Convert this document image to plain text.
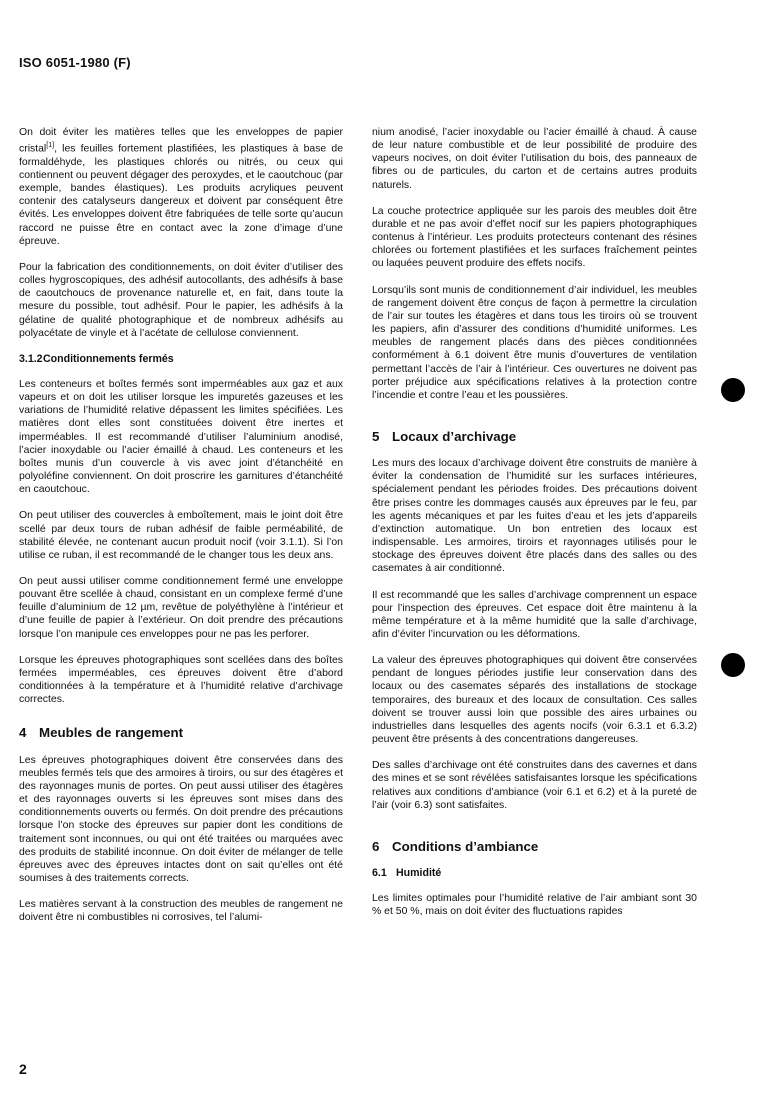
ISO 6051-1980 (F)

On doit éviter les matières telles que les enveloppes de papier cristal[1], les feuilles fortement plastifiées, les plastiques à base de formaldéhyde, les plastiques chlorés ou nitrés, ou ceux qui contiennent ou peuvent dégager des peroxydes, et le caoutchouc (par exemple, bandes élastiques). Les produits acryliques peuvent contenir des catalyseurs dangereux et doivent par conséquent être évités. Les enveloppes doivent être fabriquées de telle sorte qu’aucun raccord ne puisse être en contact avec la zone d’image d’une épreuve.

Pour la fabrication des conditionnements, on doit éviter d’utiliser des colles hygroscopiques, des adhésif autocollants, des adhésifs à base de caoutchoucs de provenance naturelle et, en fait, dans toute la mesure du possible, tout adhésif. Pour le papier, les adhésifs à la gélatine de qualité photographique et de nombreux adhésifs au polyacétate de vinyle et à l’acétate de cellulose conviennent.

3.1.2Conditionnements fermés

Les conteneurs et boîtes fermés sont imperméables aux gaz et aux vapeurs et on doit les utiliser lorsque les impuretés gazeuses et les variations de l’humidité relative dépassent les limites spécifiées. Les matières dont elles sont constituées doivent être inertes et imperméables. Il est recommandé d’utiliser l’aluminium anodisé, l’acier inoxydable ou l’acier émaillé à chaud. Les conteneurs et les boîtes munis d’un couvercle à vis avec joint d’étanchéité en polyoléfine conviennent. On doit proscrire les garnitures d’étanchéité en caoutchouc.

On peut utiliser des couvercles à emboîtement, mais le joint doit être scellé par deux tours de ruban adhésif de faible perméabilité, de stabilité élevée, ne contenant aucun produit nocif (voir 3.1.1). Si l’on utilise ce ruban, il est recommandé de le changer tous les deux ans.

On peut aussi utiliser comme conditionnement fermé une enveloppe pouvant être scellée à chaud, consistant en un complexe fermé d’une feuille d’aluminium de 12 µm, revêtue de polyéthylène à l’intérieur et d’une feuille de papier à l’extérieur. On doit prendre des précautions lorsque l’on manipule ces enveloppes pour ne pas les perforer.

Lorsque les épreuves photographiques sont scellées dans des boîtes fermées imperméables, ces épreuves doivent être d’abord conditionnées à la température et à l’humidité relative d’archivage correctes.

4 Meubles de rangement

Les épreuves photographiques doivent être conservées dans des meubles fermés tels que des armoires à tiroirs, ou sur des étagères et des rayonnages munis de portes. On peut aussi utiliser des étagères et des rayonnages ouverts si les épreuves sont mises dans des conditionnements ouverts ou fermés. On doit prendre des précautions lorsque l’on stocke des épreuves sur papier dont les conditions de traitement sont inconnues, ou qui ont été traitées ou marquées avec des produits de stabilité inconnue. On doit éviter de mélanger de telle épreuves avec des épreuves intactes dont on sait qu’elles ont été soumises à des traitements corrects.

Les matières servant à la construction des meubles de rangement ne doivent être ni combustibles ni corrosives, tel l’alumi-

nium anodisé, l’acier inoxydable ou l’acier émaillé à chaud. À cause de leur nature combustible et de leur possibilité de produire des vapeurs nocives, on doit éviter l’utilisation du bois, des panneaux de fibres ou de particules, du carton et de certains autres produits naturels.

La couche protectrice appliquée sur les parois des meubles doit être durable et ne pas avoir d’effet nocif sur les papiers photographiques contenus à l’intérieur. Les produits protecteurs contenant des résines chlorées ou fortement plastifiées et les surfaces fraîchement peintes ou laquées peuvent produire des effets nocifs.

Lorsqu’ils sont munis de conditionnement d’air individuel, les meubles de rangement doivent être conçus de façon à permettre la circulation de l’air sur toutes les étagères et dans tous les tiroirs où se trouvent les papiers, afin d’assurer des conditions d’humidité uniformes. Les meubles de rangement placés dans des pièces conditionnées conformément à 6.1 doivent être munis d’ouvertures de ventilation permettant l’accès de l’air à l’intérieur. Ces ouvertures ne doivent pas porter préjudice aux spécifications relatives à la protection contre l’incendie et contre l’eau et les poussières.

5 Locaux d’archivage

Les murs des locaux d’archivage doivent être construits de manière à éviter la condensation de l’humidité sur les surfaces intérieures, spécialement pendant les périodes froides. Des précautions doivent être prises contre les dommages causés aux épreuves par le feu, par les agents mécaniques et par les fuites d’eau et les jets d’appareils d’extinction automatique. Un bon entretien des locaux est indispensable. Les armoires, tiroirs et rayonnages utilisés pour le stockage des épreuves doivent être placés dans des salles ou des casemates à air conditionné.

Il est recommandé que les salles d’archivage comprennent un espace pour l’inspection des épreuves. Cet espace doit être maintenu à la même température et à la même humidité que la salle d’archivage, afin d’éviter l’incurvation ou les déformations.

La valeur des épreuves photographiques qui doivent être conservées pendant de longues périodes justifie leur conservation dans des locaux ou des casemates séparés des installations de stockage temporaires, des bureaux et des locaux de consultation. Ces salles doivent se trouver aussi loin que possible des aires urbaines ou industrielles dans lesquelles des agents nocifs (voir 6.3.1 et 6.3.2) peuvent être présents à des concentrations dangereuses.

Des salles d’archivage ont été construites dans des cavernes et dans des mines et se sont révélées satisfaisantes lorsque les spécifications relatives aux conditions d’ambiance (voir 6.1 et 6.2) et à la pureté de l’air (voir 6.3) sont satisfaites.

6 Conditions d’ambiance
6.1 Humidité

Les limites optimales pour l’humidité relative de l’air ambiant sont 30 % et 50 %, mais on doit éviter des fluctuations rapides

2
